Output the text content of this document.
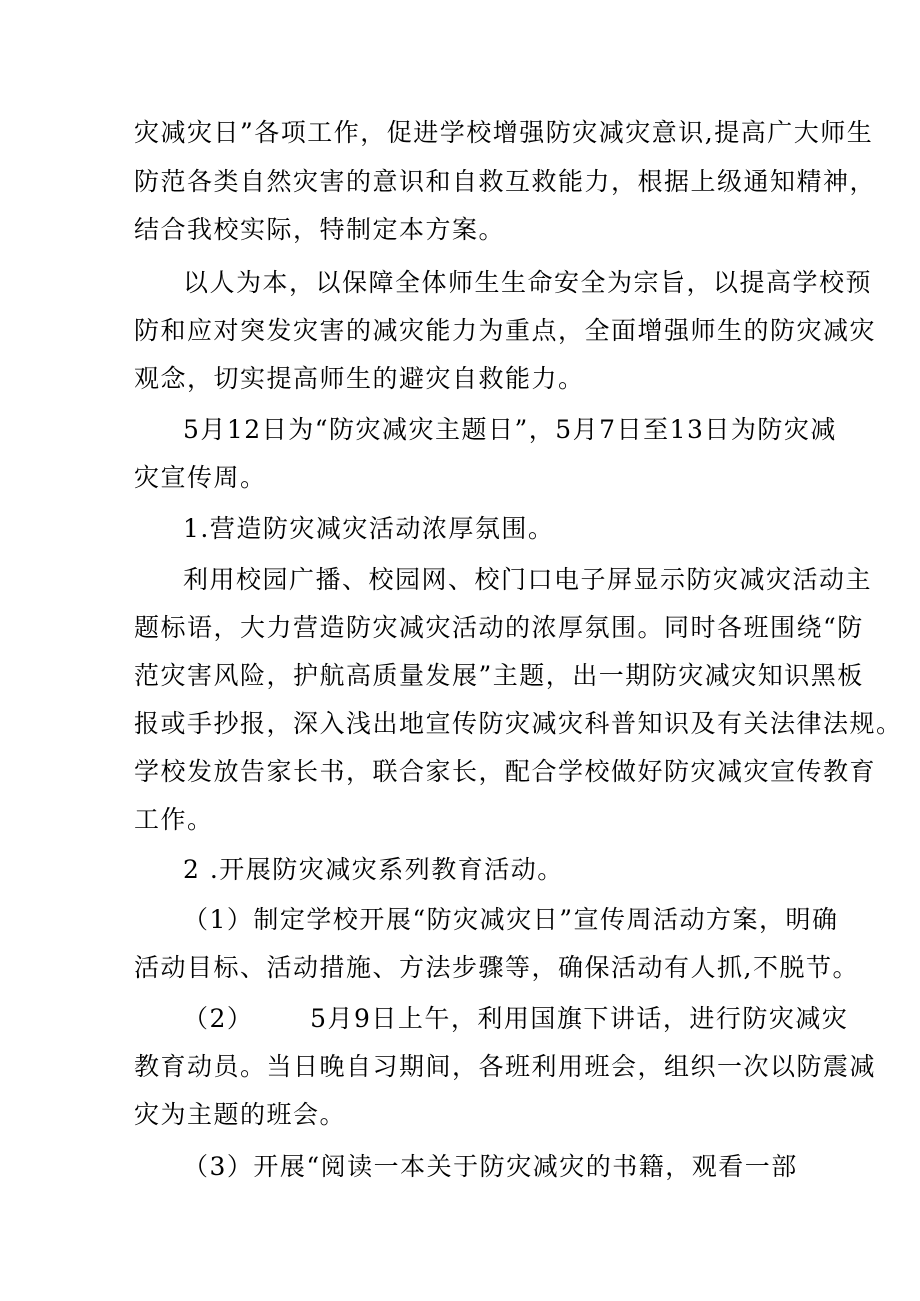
灾减灾日”各项工作，促进学校增强防灾减灾意识,提高广大师生
防范各类自然灾害的意识和自救互救能力，根据上级通知精神，
结合我校实际，特制定本方案。
以人为本，以保障全体师生生命安全为宗旨，以提高学校预
防和应对突发灾害的减灾能力为重点，全面增强师生的防灾减灾
观念，切实提高师生的避灾自救能力。
5月12日为“防灾减灾主题日”，5月7日至13日为防灾减
灾宣传周。
1.营造防灾减灾活动浓厚氛围。
利用校园广播、校园网、校门口电子屏显示防灾减灾活动主
题标语，大力营造防灾减灾活动的浓厚氛围。同时各班围绕“防
范灾害风险，护航高质量发展”主题，出一期防灾减灾知识黑板
报或手抄报，深入浅出地宣传防灾减灾科普知识及有关法律法规。
学校发放告家长书，联合家长，配合学校做好防灾减灾宣传教育
工作。
2 .开展防灾减灾系列教育活动。
（1）制定学校开展“防灾减灾日”宣传周活动方案，明确
活动目标、活动措施、方法步骤等，确保活动有人抓,不脱节。
（2）      5月9日上午，利用国旗下讲话，进行防灾减灾
教育动员。当日晚自习期间，各班利用班会，组织一次以防震减
灾为主题的班会。
（3）开展“阅读一本关于防灾减灾的书籍，观看一部
